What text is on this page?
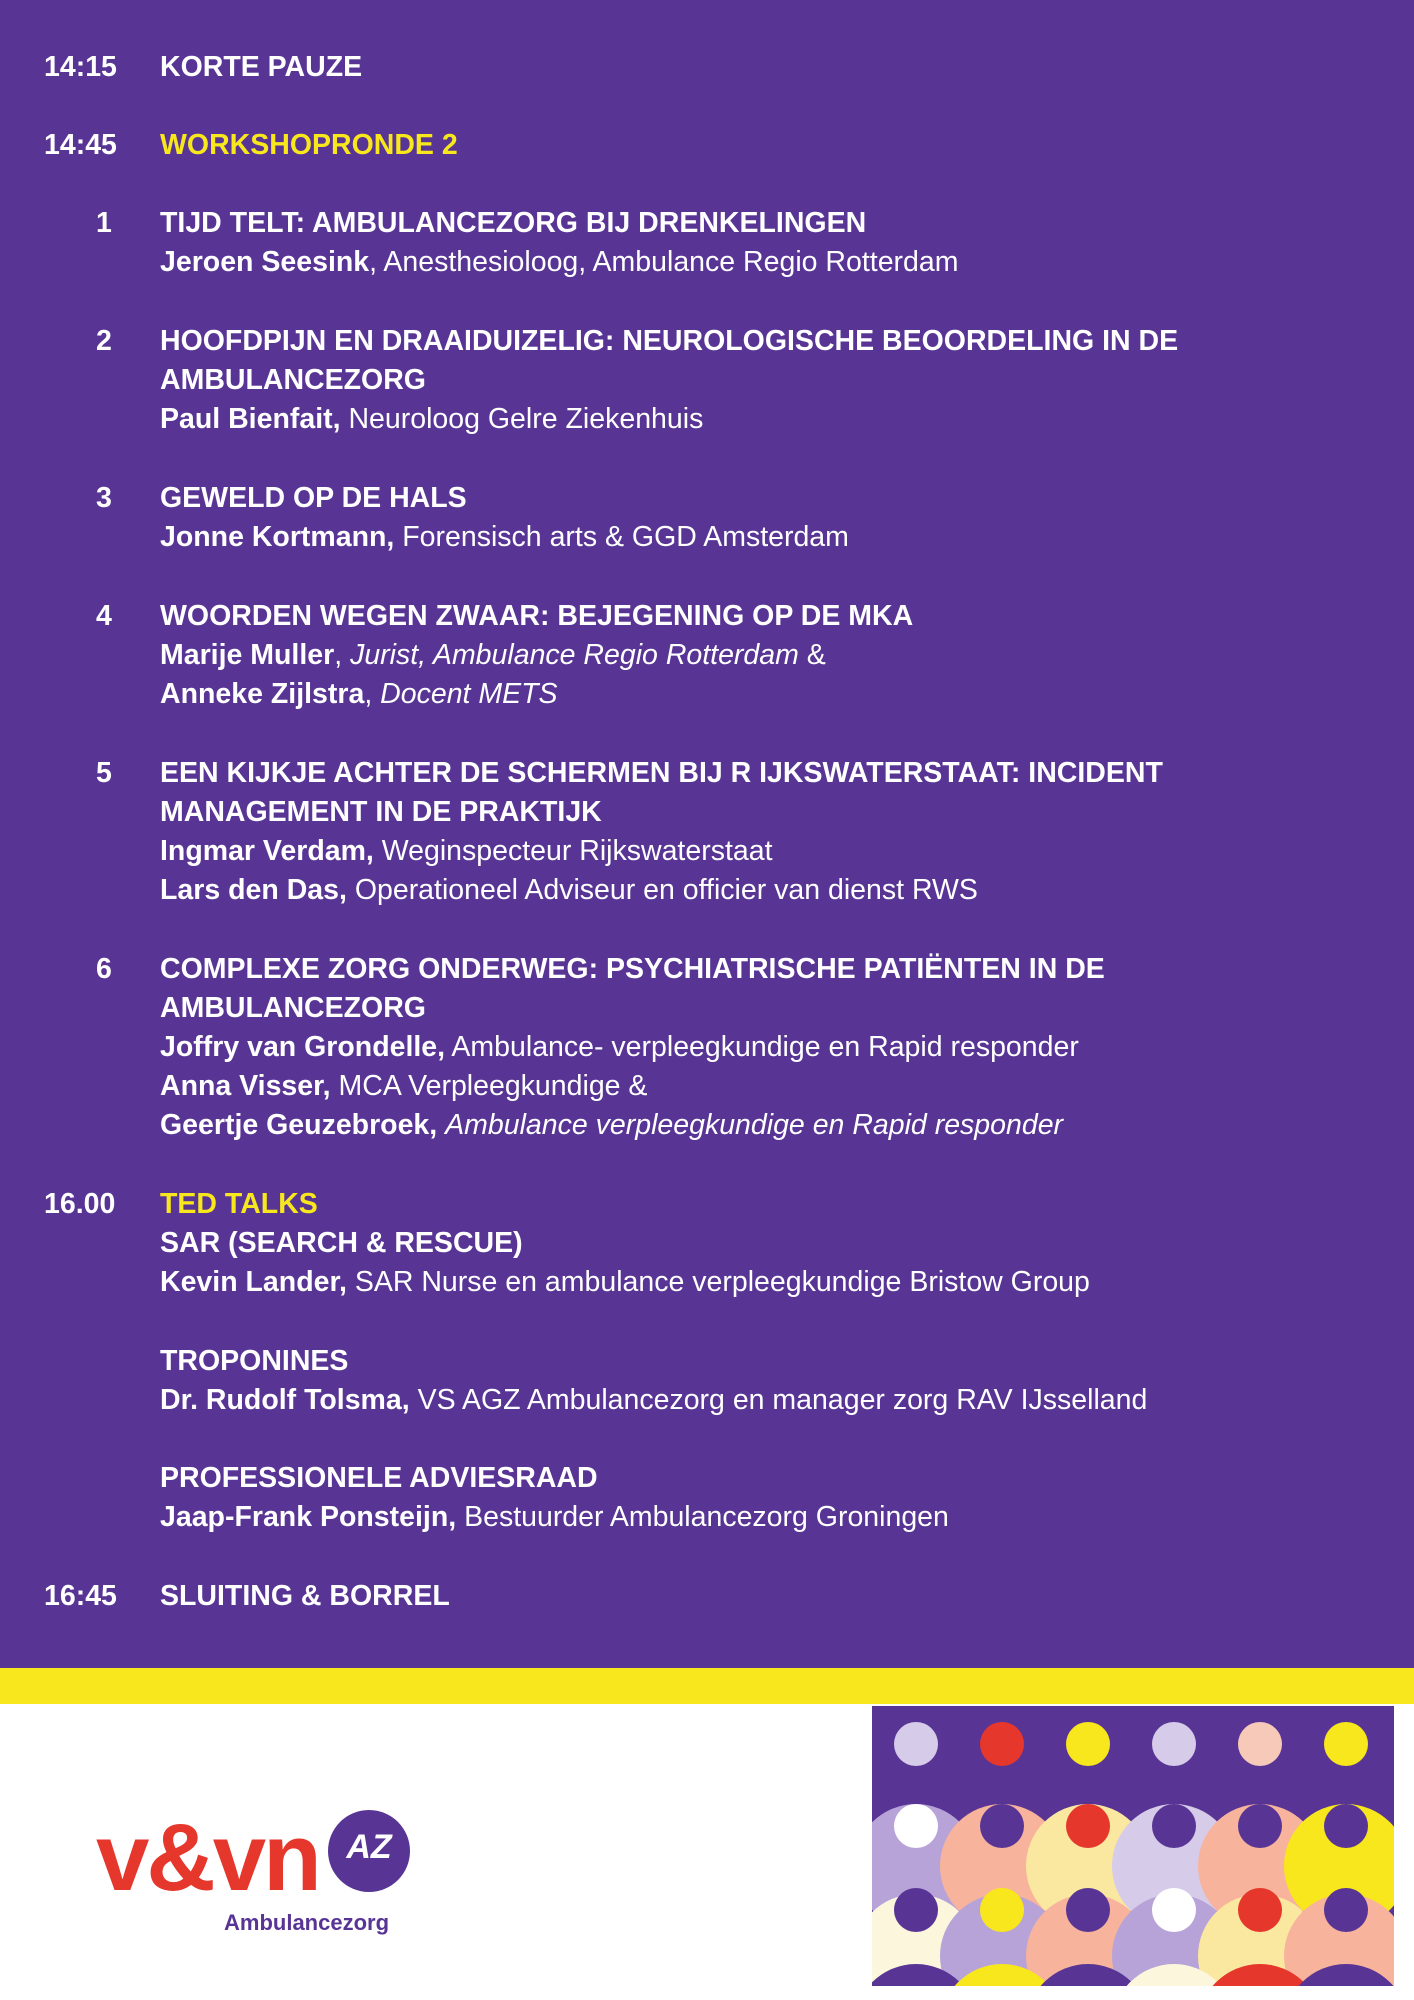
14:15 KORTE PAUZE
14:45 WORKSHOPRONDE 2
1 TIJD TELT: AMBULANCEZORG BIJ DRENKELINGEN
Jeroen Seesink, Anesthesioloog, Ambulance Regio Rotterdam
2 HOOFDPIJN EN DRAAIDUIZELIG: NEUROLOGISCHE BEOORDELING IN DE
AMBULANCEZORG
Paul Bienfait, Neuroloog Gelre Ziekenhuis
3 GEWELD OP DE HALS
Jonne Kortmann, Forensisch arts & GGD Amsterdam
4 WOORDEN WEGEN ZWAAR: BEJEGENING OP DE MKA
Marije Muller, Jurist, Ambulance Regio Rotterdam &
Anneke Zijlstra, Docent METS
5 EEN KIJKJE ACHTER DE SCHERMEN BIJ R IJKSWATERSTAAT: INCIDENT
MANAGEMENT IN DE PRAKTIJK
Ingmar Verdam, Weginspecteur Rijkswaterstaat
Lars den Das, Operationeel Adviseur en officier van dienst RWS
6 COMPLEXE ZORG ONDERWEG: PSYCHIATRISCHE PATIËNTEN IN DE
AMBULANCEZORG
Joffry van Grondelle, Ambulance- verpleegkundige en Rapid responder
Anna Visser, MCA Verpleegkundige &
Geertje Geuzebroek, Ambulance verpleegkundige en Rapid responder
16.00 TED TALKS
SAR (SEARCH & RESCUE)
Kevin Lander, SAR Nurse en ambulance verpleegkundige Bristow Group
TROPONINES
Dr. Rudolf Tolsma, VS AGZ Ambulancezorg en manager zorg RAV IJsselland
PROFESSIONELE ADVIESRAAD
Jaap-Frank Ponsteijn, Bestuurder Ambulancezorg Groningen
16:45 SLUITING & BORREL
v&vn AZ
Ambulancezorg
